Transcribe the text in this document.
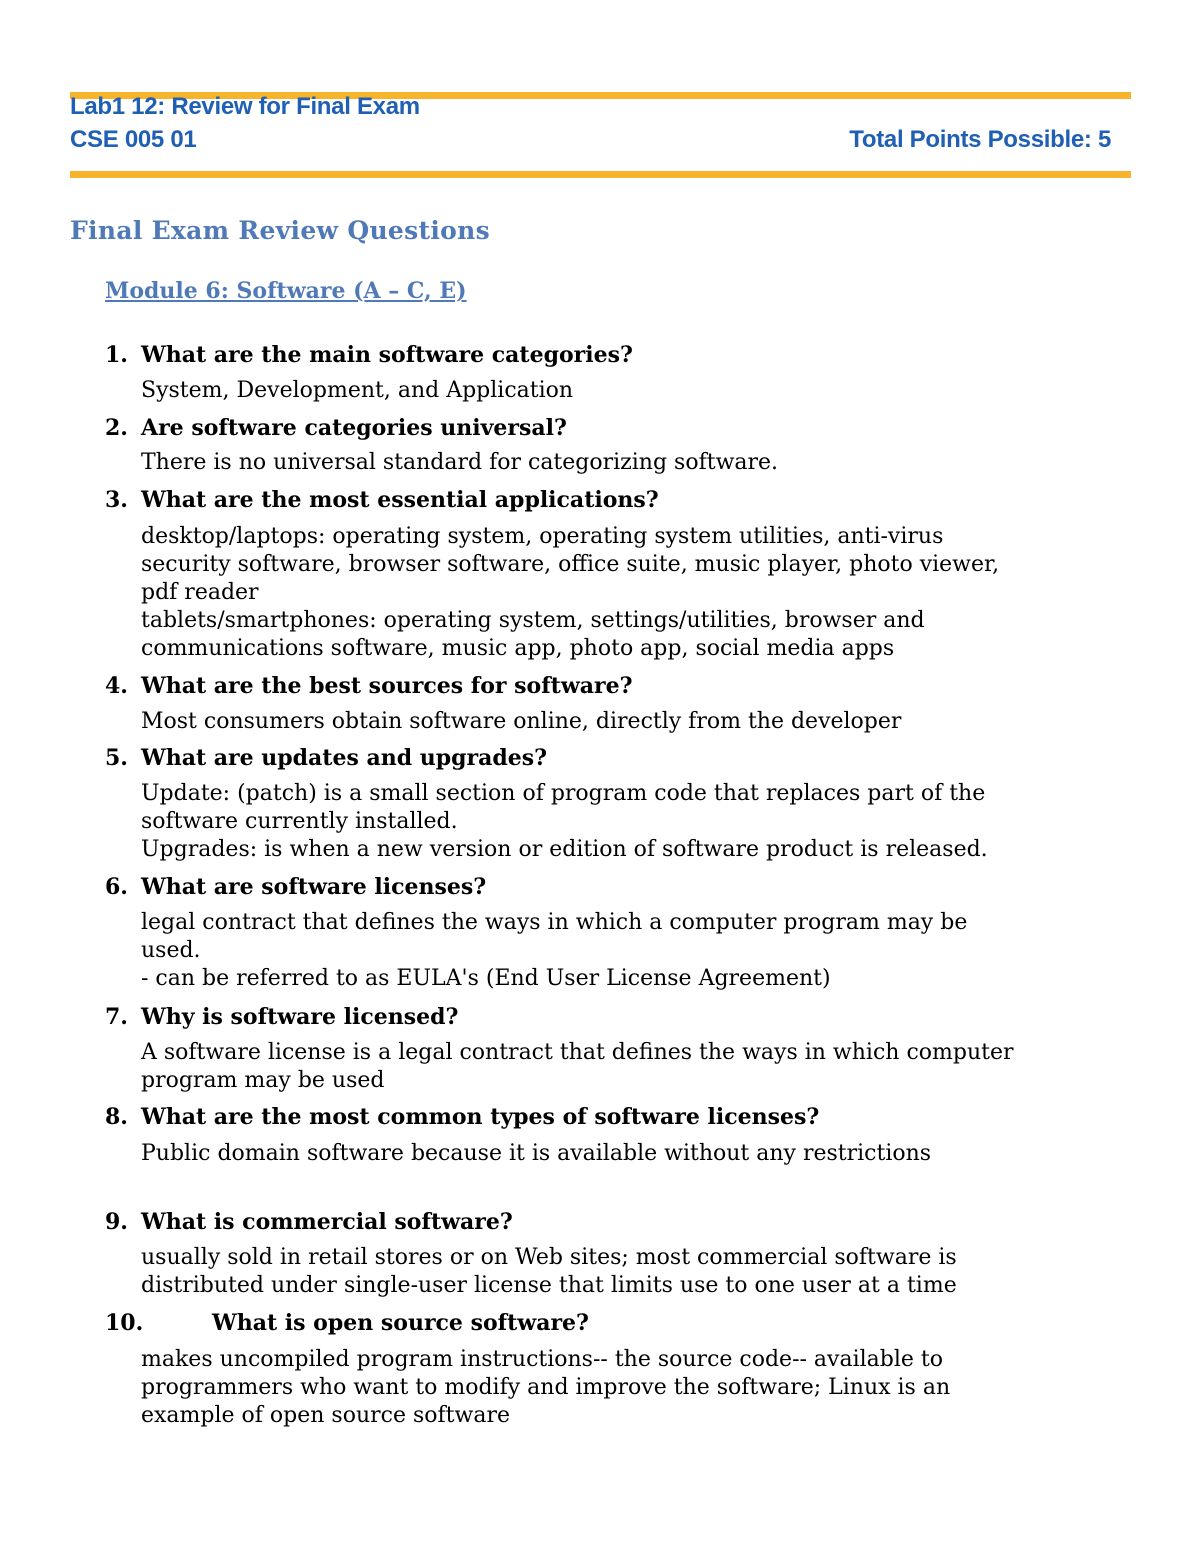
Lab1 12: Review for Final Exam
CSE 005 01	Total Points Possible: 5
Final Exam Review Questions
Module 6: Software (A – C, E)
1. What are the main software categories?
System, Development, and Application
2. Are software categories universal?
There is no universal standard for categorizing software.
3. What are the most essential applications?
desktop/laptops: operating system, operating system utilities, anti-virus
security software, browser software, office suite, music player, photo viewer,
pdf reader
tablets/smartphones: operating system, settings/utilities, browser and
communications software, music app, photo app, social media apps
4. What are the best sources for software?
Most consumers obtain software online, directly from the developer
5. What are updates and upgrades?
Update: (patch) is a small section of program code that replaces part of the
software currently installed.
Upgrades: is when a new version or edition of software product is released.
6. What are software licenses?
legal contract that defines the ways in which a computer program may be
used.
- can be referred to as EULA's (End User License Agreement)
7. Why is software licensed?
A software license is a legal contract that defines the ways in which computer
program may be used
8. What are the most common types of software licenses?
Public domain software because it is available without any restrictions
9. What is commercial software?
usually sold in retail stores or on Web sites; most commercial software is
distributed under single-user license that limits use to one user at a time
10.	What is open source software?
makes uncompiled program instructions-- the source code-- available to
programmers who want to modify and improve the software; Linux is an
example of open source software
